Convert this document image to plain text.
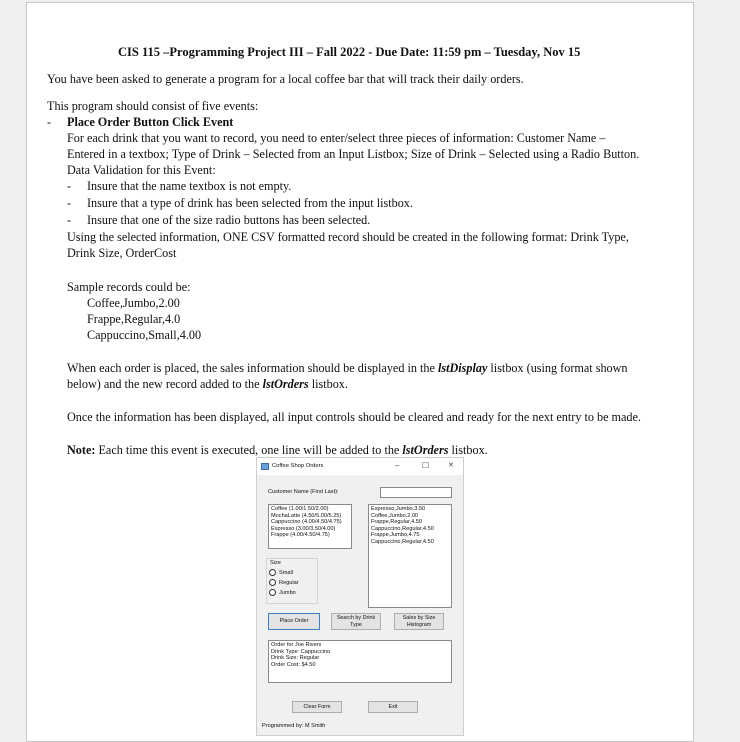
CIS 115 –Programming Project III – Fall 2022 - Due Date: 11:59 pm – Tuesday, Nov 15
You have been asked to generate a program for a local coffee bar that will track their daily orders.
This program should consist of five events:
- Place Order Button Click Event
For each drink that you want to record, you need to enter/select three pieces of information: Customer Name –
Entered in a textbox; Type of Drink – Selected from an Input Listbox; Size of Drink – Selected using a Radio Button.
Data Validation for this Event:
- Insure that the name textbox is not empty.
- Insure that a type of drink has been selected from the input listbox.
- Insure that one of the size radio buttons has been selected.
Using the selected information, ONE CSV formatted record should be created in the following format: Drink Type,
Drink Size, OrderCost
Sample records could be:
Coffee,Jumbo,2.00
Frappe,Regular,4.0
Cappuccino,Small,4.00
When each order is placed, the sales information should be displayed in the lstDisplay listbox (using format shown
below) and the new record added to the lstOrders listbox.
Once the information has been displayed, all input controls should be cleared and ready for the next entry to be made.
Note: Each time this event is executed, one line will be added to the lstOrders listbox.
Coffee Shop Orders	–	☐	✕
Customer Name (First Last):
Coffee (1.00/1.50/2.00)
MochaLatte (4.50/5.00/5.25)
Cappuccino (4.00/4.50/4.75)
Espresso (3.00/3.50/4.00)
Frappe (4.00/4.50/4.75)
Espresso,Jumbo,3.50
Coffee,Jumbo,2.00
Frappe,Regular,4.50
Cappuccino,Regular,4.50
Frappe,Jumbo,4.75
Cappuccino,Regular,4.50
Size
Small
Regular
Jumbo
Place Order
Search by Drink Type
Sales by Size Histogram
Order for Joe Rivers
Drink Type: Cappuccino
Drink Size: Regular
Order Cost: $4.50
Clear Form	Exit
Programmed by: M Smith
